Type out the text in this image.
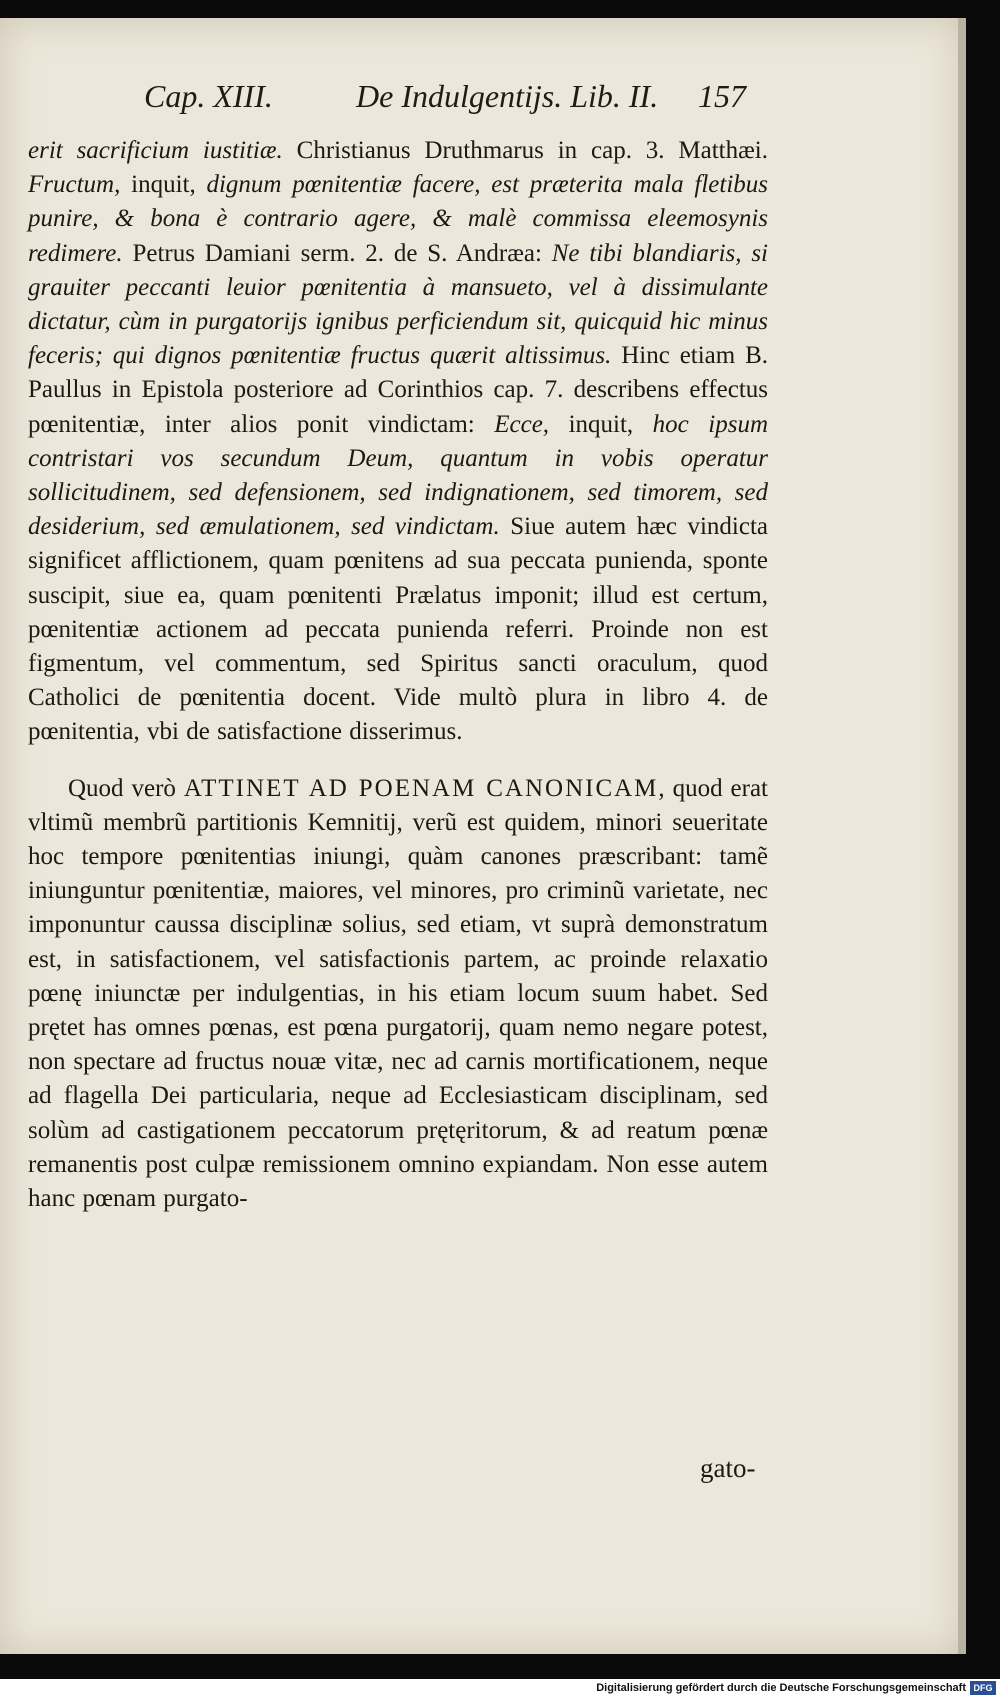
Cap. XIII.	De Indulgentijs. Lib. II. 157

erit sacrificium iustitiæ. Christianus Druthmarus in cap. 3. Matthæi. Fructum, inquit, dignum pœnitentiæ facere, est præterita mala fletibus punire, & bona è contrario agere, & malè commissa eleemosynis redimere. Petrus Damiani serm. 2. de S. Andræa: Ne tibi blandiaris, si grauiter peccanti leuior pœnitentia à mansueto, vel à dissimulante dictatur, cùm in purgatorijs ignibus perficiendum sit, quicquid hic minus feceris; qui dignos pœnitentiæ fructus quærit altissimus. Hinc etiam B. Paullus in Epistola posteriore ad Corinthios cap. 7. describens effectus pœnitentiæ, inter alios ponit vindictam: Ecce, inquit, hoc ipsum contristari vos secundum Deum, quantum in vobis operatur sollicitudinem, sed defensionem, sed indignationem, sed timorem, sed desiderium, sed æmulationem, sed vindictam. Siue autem hæc vindicta significet afflictionem, quam pœnitens ad sua peccata punienda, sponte suscipit, siue ea, quam pœnitenti Prælatus imponit; illud est certum, pœnitentiæ actionem ad peccata punienda referri. Proinde non est figmentum, vel commentum, sed Spiritus sancti oraculum, quod Catholici de pœnitentia docent. Vide multò plura in libro 4. de pœnitentia, vbi de satisfactione disserimus.

Quod verò ATTINET AD POENAM CANONICAM, quod erat vltimũ membrũ partitionis Kemnitij, verũ est quidem, minori seueritate hoc tempore pœnitentias iniungi, quàm canones præscribant: tamẽ iniunguntur pœnitentiæ, maiores, vel minores, pro criminũ varietate, nec imponuntur caussa disciplinæ solius, sed etiam, vt suprà demonstratum est, in satisfactionem, vel satisfactionis partem, ac proinde relaxatio pœnę iniunctæ per indulgentias, in his etiam locum suum habet. Sed prętet has omnes pœnas, est pœna purgatorij, quam nemo negare potest, non spectare ad fructus nouæ vitæ, nec ad carnis mortificationem, neque ad flagella Dei particularia, neque ad Ecclesiasticam disciplinam, sed solùm ad castigationem peccatorum prętęritorum, & ad reatum pœnæ remanentis post culpæ remissionem omnino expiandam. Non esse autem hanc pœnam purgato-

gato-
Digitalisierung gefördert durch die Deutsche Forschungsgemeinschaft DFG
